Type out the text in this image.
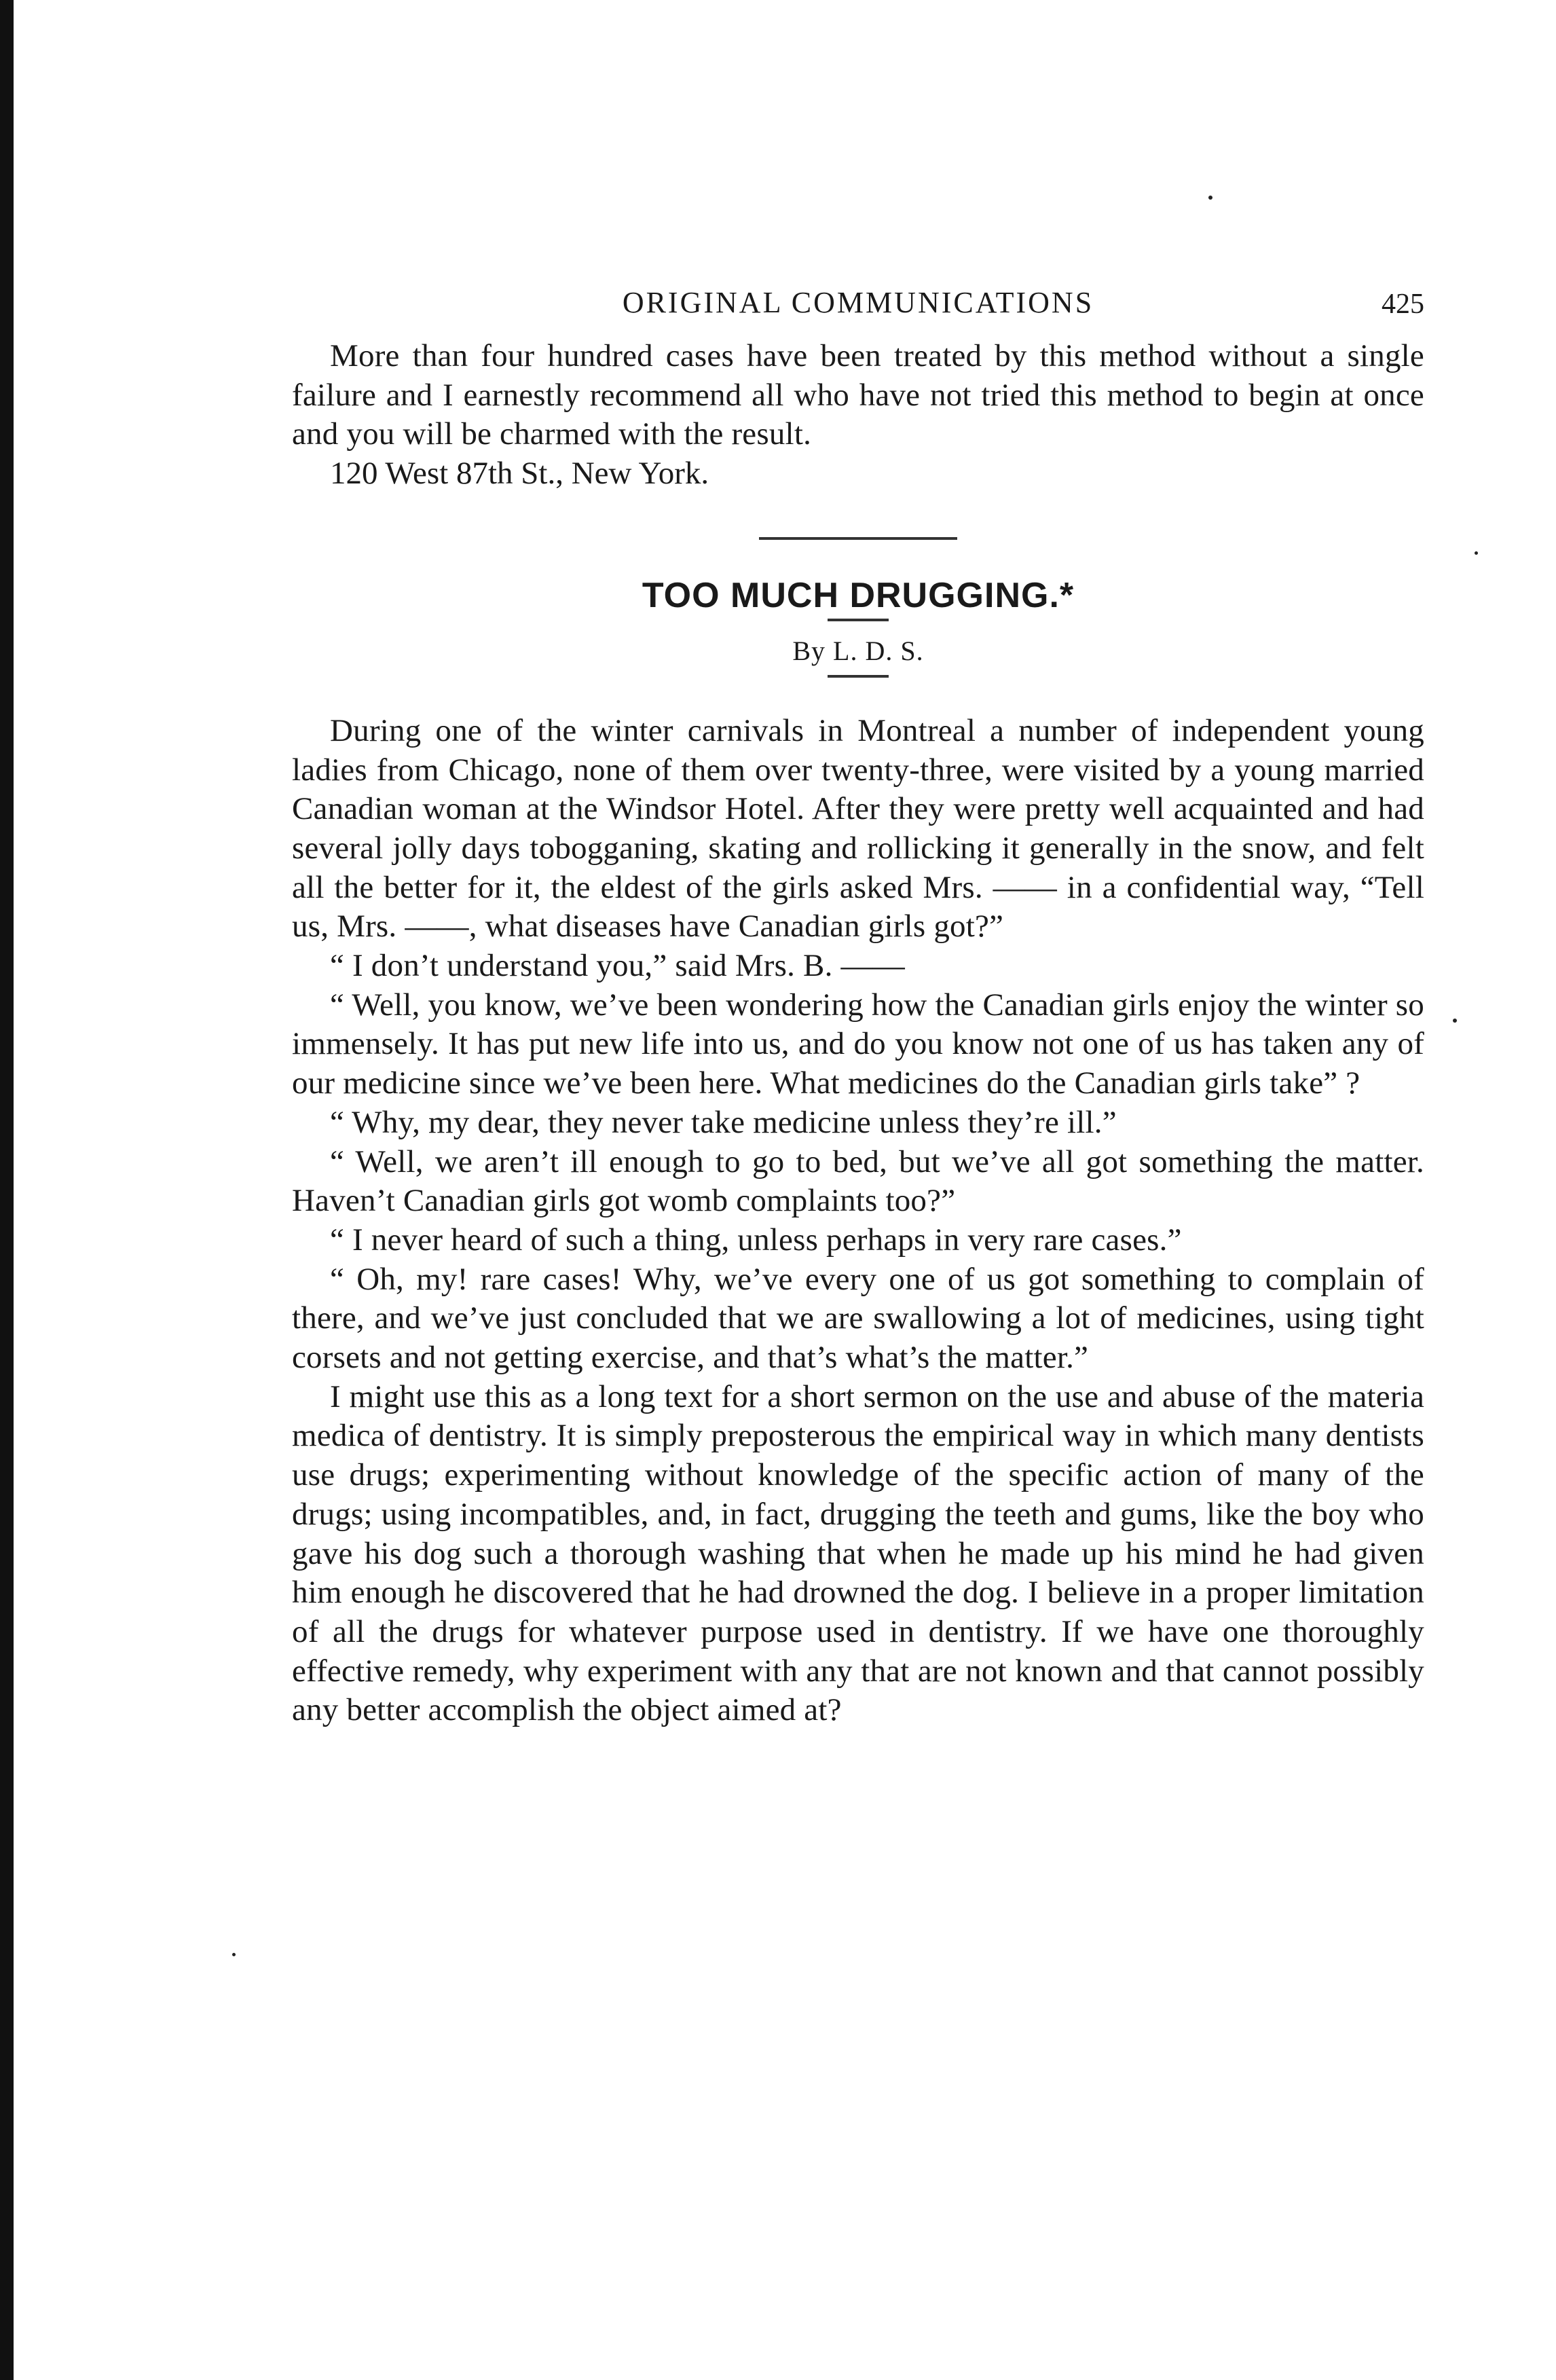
ORIGINAL COMMUNICATIONS	425

More than four hundred cases have been treated by this method without a single failure and I earnestly recommend all who have not tried this method to begin at once and you will be charmed with the result.

120 West 87th St., New York.

TOO MUCH DRUGGING.*
By L. D. S.

During one of the winter carnivals in Montreal a number of independent young ladies from Chicago, none of them over twenty-three, were visited by a young married Canadian woman at the Windsor Hotel. After they were pretty well acquainted and had several jolly days tobogganing, skating and rollicking it generally in the snow, and felt all the better for it, the eldest of the girls asked Mrs. —— in a confidential way, “Tell us, Mrs. ——, what diseases have Canadian girls got?”

“ I don’t understand you,” said Mrs. B. ——

“ Well, you know, we’ve been wondering how the Canadian girls enjoy the winter so immensely. It has put new life into us, and do you know not one of us has taken any of our medicine since we’ve been here. What medicines do the Canadian girls take” ?

“ Why, my dear, they never take medicine unless they’re ill.”

“ Well, we aren’t ill enough to go to bed, but we’ve all got something the matter. Haven’t Canadian girls got womb complaints too?”

“ I never heard of such a thing, unless perhaps in very rare cases.”

“ Oh, my! rare cases! Why, we’ve every one of us got something to complain of there, and we’ve just concluded that we are swallowing a lot of medicines, using tight corsets and not getting exercise, and that’s what’s the matter.”

I might use this as a long text for a short sermon on the use and abuse of the materia medica of dentistry. It is simply preposterous the empirical way in which many dentists use drugs; experimenting without knowledge of the specific action of many of the drugs; using incompatibles, and, in fact, drugging the teeth and gums, like the boy who gave his dog such a thorough washing that when he made up his mind he had given him enough he discovered that he had drowned the dog. I believe in a proper limitation of all the drugs for whatever purpose used in dentistry. If we have one thoroughly effective remedy, why experiment with any that are not known and that cannot possibly any better accomplish the object aimed at?
